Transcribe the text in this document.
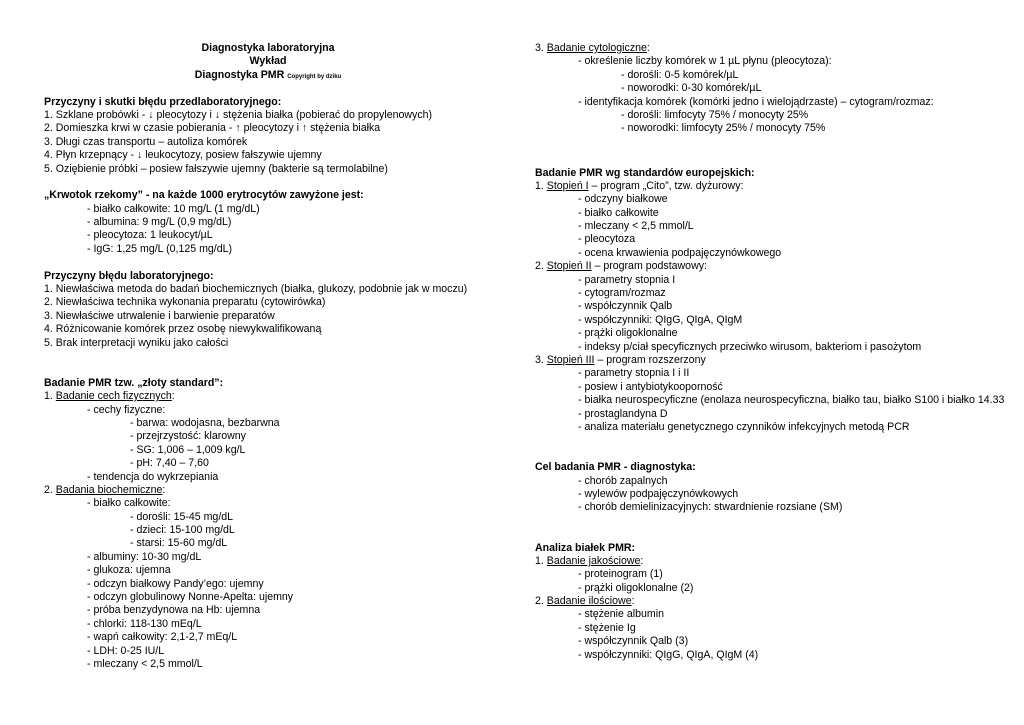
Diagnostyka laboratoryjna
Wykład
Diagnostyka PMR Copyright by dziku
Przyczyny i skutki błędu przedlaboratoryjnego:
1. Szklane probówki - ↓ pleocytozy i ↓ stężenia białka (pobierać do propylenowych)
2. Domieszka krwi w czasie pobierania - ↑ pleocytozy i ↑ stężenia białka
3. Długi czas transportu – autoliza komórek
4. Płyn krzepnący - ↓ leukocytozy, posiew fałszywie ujemny
5. Oziębienie próbki – posiew fałszywie ujemny (bakterie są termolabilne)
„Krwotok rzekomy” - na każde 1000 erytrocytów zawyżone jest:
- białko całkowite: 10 mg/L (1 mg/dL)
- albumina: 9 mg/L (0,9 mg/dL)
- pleocytoza: 1 leukocyt/µL
- IgG: 1,25 mg/L (0,125 mg/dL)
Przyczyny błędu laboratoryjnego:
1. Niewłaściwa metoda do badań biochemicznych (białka, glukozy, podobnie jak w moczu)
2. Niewłaściwa technika wykonania preparatu (cytowirówka)
3. Niewłaściwe utrwalenie i barwienie preparatów
4. Różnicowanie komórek przez osobę niewykwalifikowaną
5. Brak interpretacji wyniku jako całości
Badanie PMR tzw. „złoty standard”:
1. Badanie cech fizycznych:
- cechy fizyczne:
- barwa: wodojasna, bezbarwna
- przejrzystość: klarowny
- SG: 1,006 – 1,009 kg/L
- pH: 7,40 – 7,60
- tendencja do wykrzepiania
2. Badania biochemiczne:
- białko całkowite:
- dorośli: 15-45 mg/dL
- dzieci: 15-100 mg/dL
- starsi: 15-60 mg/dL
- albuminy: 10-30 mg/dL
- glukoza: ujemna
- odczyn białkowy Pandy’ego: ujemny
- odczyn globulinowy Nonne-Apelta: ujemny
- próba benzydynowa na Hb: ujemna
- chlorki: 118-130 mEq/L
- wapń całkowity: 2,1-2,7 mEq/L
- LDH: 0-25 IU/L
- mleczany < 2,5 mmol/L
3. Badanie cytologiczne:
- określenie liczby komórek w 1 µL płynu (pleocytoza):
- dorośli: 0-5 komórek/µL
- noworodki: 0-30 komórek/µL
- identyfikacja komórek (komórki jedno i wielojądrzaste) – cytogram/rozmaz:
- dorośli: limfocyty 75% / monocyty 25%
- noworodki: limfocyty 25% / monocyty 75%
Badanie PMR wg standardów europejskich:
1. Stopień I – program „Cito”, tzw. dyżurowy:
- odczyny białkowe
- białko całkowite
- mleczany < 2,5 mmol/L
- pleocytoza
- ocena krwawienia podpajęczynówkowego
2. Stopień II – program podstawowy:
- parametry stopnia I
- cytogram/rozmaz
- współczynnik Qalb
- współczynniki: QIgG, QIgA, QIgM
- prążki oligoklonalne
- indeksy p/ciał specyficznych przeciwko wirusom, bakteriom i pasożytom
3. Stopień III – program rozszerzony
- parametry stopnia I i II
- posiew i antybiotykooporność
- białka neurospecyficzne (enolaza neurospecyficzna, białko tau, białko S100 i białko 14.33
- prostaglandyna D
- analiza materiału genetycznego czynników infekcyjnych metodą PCR
Cel badania PMR - diagnostyka:
- chorób zapalnych
- wylewów podpajęczynówkowych
- chorób demielinizacyjnych: stwardnienie rozsiane (SM)
Analiza białek PMR:
1. Badanie jakościowe:
- proteinogram (1)
- prążki oligoklonalne (2)
2. Badanie ilościowe:
- stężenie albumin
- stężenie Ig
- współczynnik Qalb (3)
- współczynniki: QIgG, QIgA, QIgM (4)
